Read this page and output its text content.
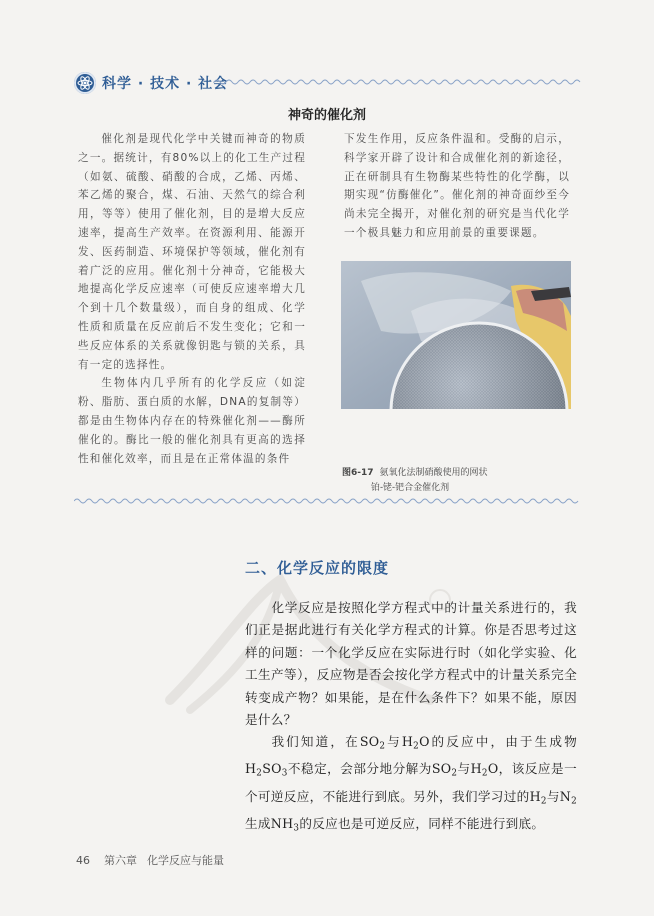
科学 · 技术 · 社会
神奇的催化剂

催化剂是现代化学中关键而神奇的物质之一。据统计，有80%以上的化工生产过程（如氨、硫酸、硝酸的合成，乙烯、丙烯、苯乙烯的聚合，煤、石油、天然气的综合利用，等等）使用了催化剂，目的是增大反应速率，提高生产效率。在资源利用、能源开发、医药制造、环境保护等领域，催化剂有着广泛的应用。催化剂十分神奇，它能极大地提高化学反应速率（可使反应速率增大几个到十几个数量级），而自身的组成、化学性质和质量在反应前后不发生变化；它和一些反应体系的关系就像钥匙与锁的关系，具有一定的选择性。

生物体内几乎所有的化学反应（如淀粉、脂肪、蛋白质的水解，DNA的复制等）都是由生物体内存在的特殊催化剂——酶所催化的。酶比一般的催化剂具有更高的选择性和催化效率，而且是在正常体温的条件

下发生作用，反应条件温和。受酶的启示，科学家开辟了设计和合成催化剂的新途径，正在研制具有生物酶某些特性的化学酶，以期实现“仿酶催化”。催化剂的神奇面纱至今尚未完全揭开，对催化剂的研究是当代化学一个极具魅力和应用前景的重要课题。

图6-17 氨氧化法制硝酸使用的网状
铂-铑-钯合金催化剂
二、化学反应的限度

化学反应是按照化学方程式中的计量关系进行的，我们正是据此进行有关化学方程式的计算。你是否思考过这样的问题：一个化学反应在实际进行时（如化学实验、化工生产等），反应物是否会按化学方程式中的计量关系完全转变成产物？如果能，是在什么条件下？如果不能，原因是什么？

我们知道，在$SO_2$与$H_2O$的反应中，由于生成物$H_2SO_3$不稳定，会部分地分解为$SO_2$与$H_2O$，该反应是一个可逆反应，不能进行到底。另外，我们学习过的$H_2$与$N_2$生成$NH_3$的反应也是可逆反应，同样不能进行到底。

46 第六章 化学反应与能量
